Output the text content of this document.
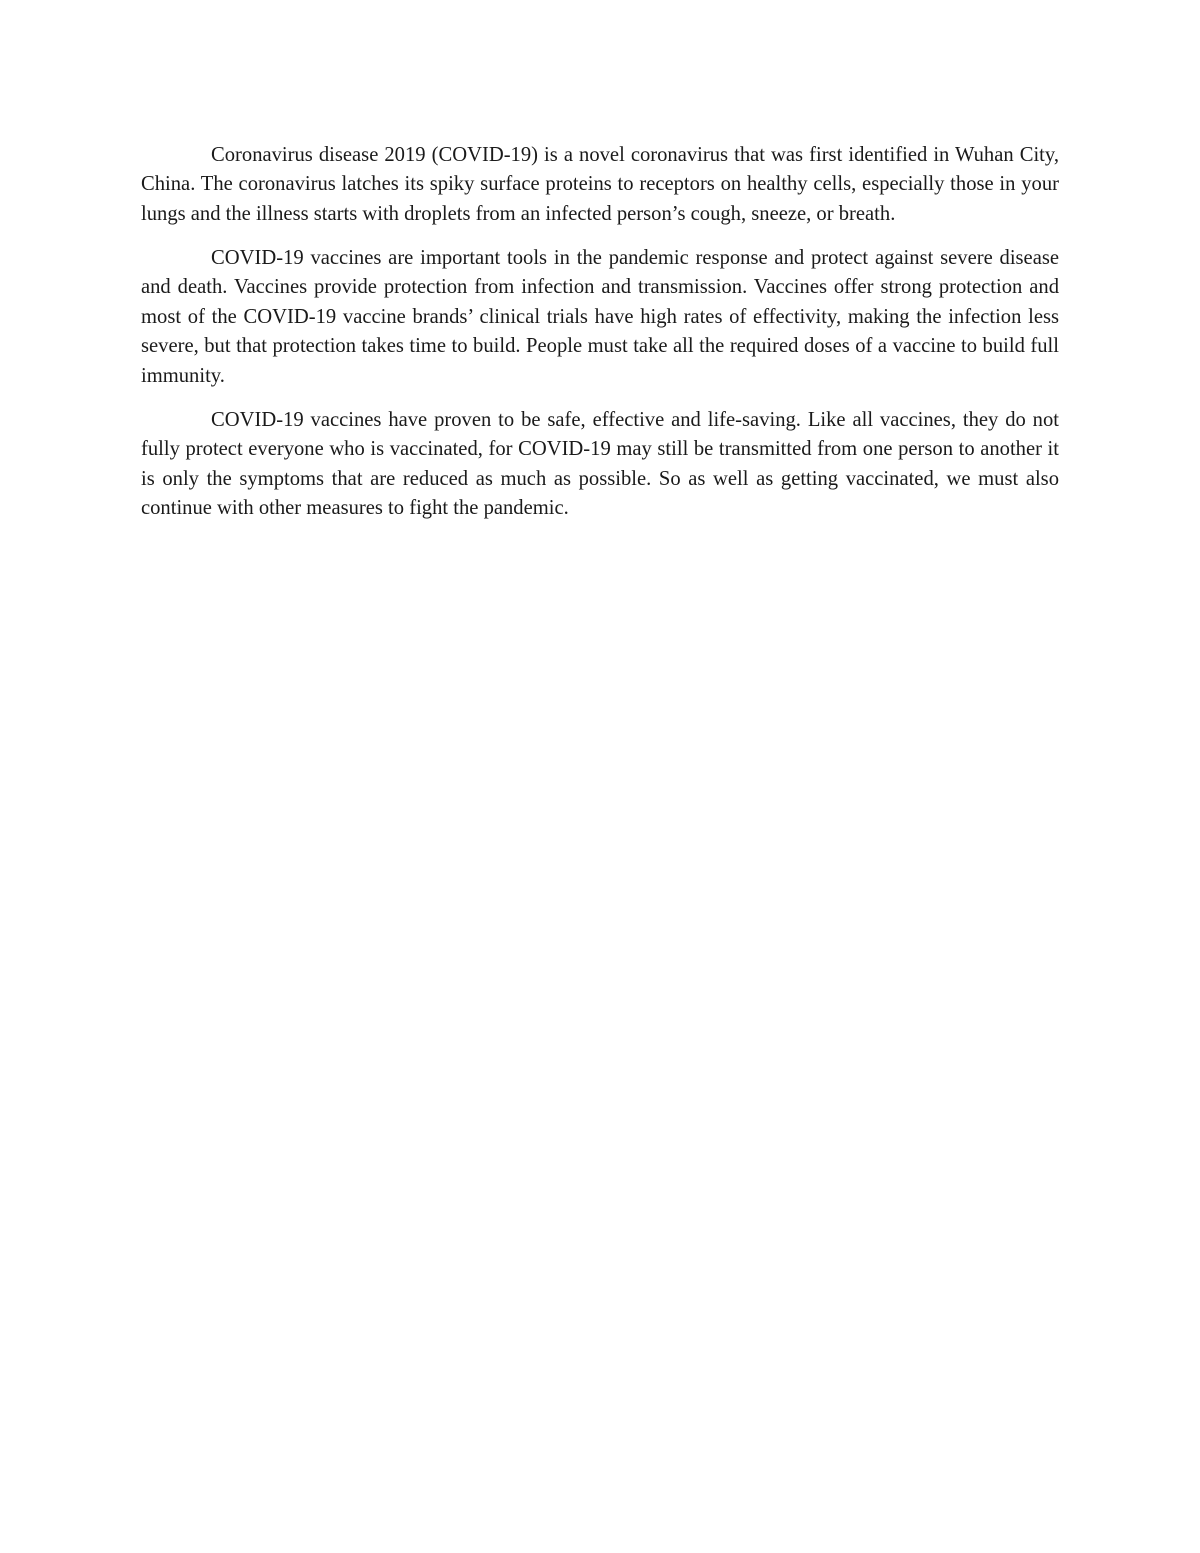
Coronavirus disease 2019 (COVID-19) is a novel coronavirus that was first identified in Wuhan City, China. The coronavirus latches its spiky surface proteins to receptors on healthy cells, especially those in your lungs and the illness starts with droplets from an infected person’s cough, sneeze, or breath.

COVID-19 vaccines are important tools in the pandemic response and protect against severe disease and death. Vaccines provide protection from infection and transmission. Vaccines offer strong protection and most of the COVID-19 vaccine brands’ clinical trials have high rates of effectivity, making the infection less severe, but that protection takes time to build. People must take all the required doses of a vaccine to build full immunity.

COVID-19 vaccines have proven to be safe, effective and life-saving. Like all vaccines, they do not fully protect everyone who is vaccinated, for COVID-19 may still be transmitted from one person to another it is only the symptoms that are reduced as much as possible. So as well as getting vaccinated, we must also continue with other measures to fight the pandemic.
